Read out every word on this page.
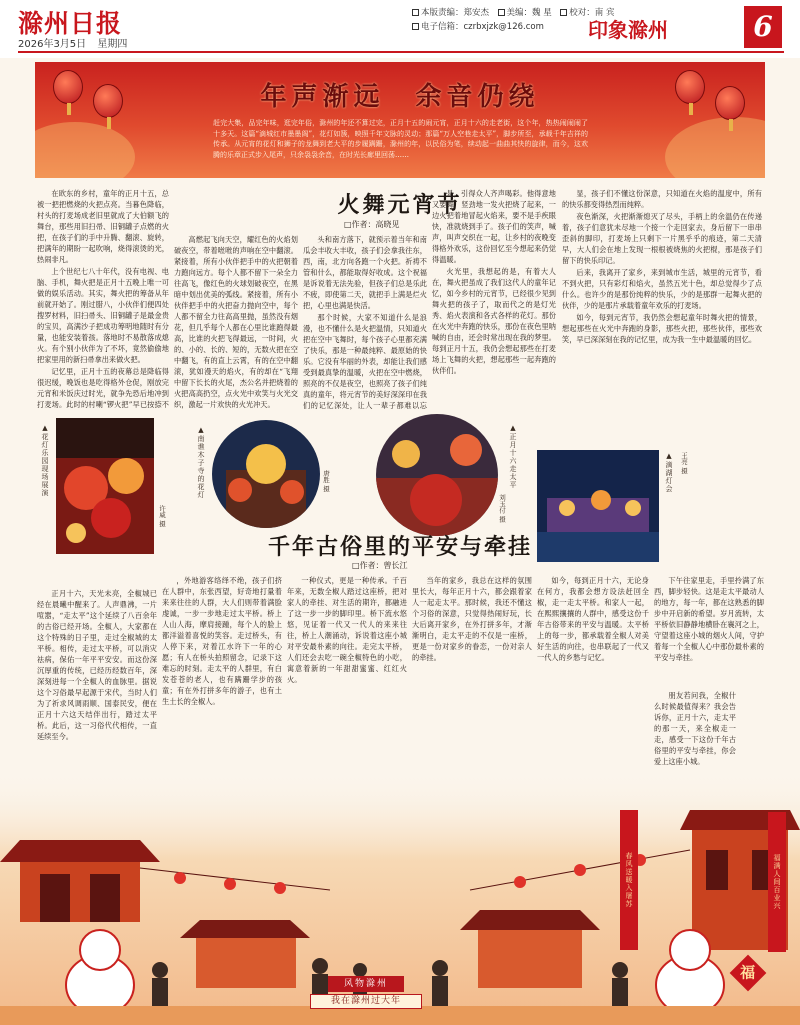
滁州日报
2026年3月5日 星期四
本版责编：郑安杰　 美编：魏 星　 校对：南 宾
电子信箱：czrbxjzk@126.com	印象滁州	6
年声渐远　余音仍绕
赶完大集，品完年味，逛完年俗，滁州的年还不算过完，正月十五的闹元宵，正月十六的走老街，这个年，热热闹闹闹了十多天。这篇“滴城红市墨墨阁”，花灯如簇，映照千年文脉的灵动；那篇“万人空巷走太平”，脚步所至，承载千年吉祥的传承。从元宵的花灯和狮子的龙舞到老大平的步履蹒跚，滁州的年，以民俗为笔，续动起一曲曲其快的旋律，而今，这欢腾的乐章正式步入尾声，只余袅袅余音，在时光长廊里回荡……
火舞元宵节
□作者：高晓见

在欧东的乡村，童年的正月十五，总被一把把燃烧的火把点亮。当暮色降临，村头的打麦场成老旧里就成了大伯额飞的舞台，那些用旧扫帚、旧铜罐子点燃的火把，在孩子们的手中升腾、翻滚、旋转，把满年的期盼一起吹响，烧得滚烫的光，热闹非凡。

上个世纪七八十年代，没有电视、电脑、手机，舞火把是正月十五晚上唯一可做的娱乐活动。其实，舞火把的筹备从年前就开始了。刚过腊八，小伙伴们便四处搜罗材料，旧扫帚头、旧铜罐子是最金贵的宝贝，高满沙子把成功筹明地随时有分量，也能安装着孩。落地时不易散落成熄火。有个别小伙伴为了不坏，竟然偷偷地把家里用的新扫帚拿出来做火把。

记忆里，正月十五的夜幕总是降临得很迟缓，晚饭也是吃得格外仓促，刚放完元宵和米饭庆过时光，就争先恐后地冲到打麦场。此时的村喇“锣火把”早已按捺不

高燃起飞向天空，耀红色的火焰划破夜空，带着咝咝的声响在空中翻滚。紧接着，所有小伙伴把手中的火把朝着力跑向远方。每个人都不留下一朵全力往高飞，像红色的火球划破夜空，在黑暗中划出优美的弧线。紧接着，所有小伙伴把手中的火把奋力抛向空中，每个人都不留全力往高高里抛，虽然没有烟花，但几乎每个人都在心里比谁跑得最高，比谁的火把飞得最远，一时间，火的、小的、长的、短的，无数火把在空中翻飞，有的直上云霄，有的在空中翻滚，犹如漫天的焰火，有的却在“飞翔中留下长长的火尾，杰公名并把烧着的火把高高扔空，点火光中欢笑与火光交织，激起一片欢快的火光冲天。

头和南方落下，就预示着当年和南瓜会丰收大丰收，孩子们会拿我往东，西，南，北方向各跑一个火把。祈祷不管和什么，都能取得好收成。这个祝福是诉说着无法先验，但孩子们总是乐此不疲，即使第二天，就把手上满是烂火把，心里也满是快活。

那个时候，大家不知道什么是浪漫，也不懂什么是火把温情，只知道火把在空中飞舞时，每个孩子心里都充满了快乐，那是一种最纯粹、最原始的快乐。它没有华丽的外表，却能让我们感受到最真挚的温暖，火把在空中燃烧，照亮的不仅是夜空，也照亮了孩子们纯真的童年，将元宵节的美好深深印在我们的记忆深处，让人一辈子都难以忘

是，引得众人齐声喝彩。他得意地又要舞，竖劲地一发火把烧了起来，一边火把着地冒起火焰来，要不是手疾眼快，准就烧到手了。孩子们的笑声，喊声，叫声交织在一起，让乡村的夜晚变得格外欢乐，这份回忆至今想起来仍觉得温暖。

火光里，我想起的是，有着大人在，舞火把虽成了我们这代人的童年记忆，如今乡村的元宵节，已经很少见到舞火把的孩子了，取而代之的是灯光秀、焰火表演和各式各样的花灯。那份在火光中奔跑的快乐，那份在夜色里呐喊的自由，还会时常出现在我的梦里。每到正月十五，我仍会想起那些在打麦场上飞舞的火把，想起那些一起奔跑的伙伴们。

显，孩子们不懂这份深意，只知道在火焰的温度中，所有的快乐都变得热烈而纯粹。

夜色渐深，火把渐渐熄灭了尽头，手柄上的余温仍在传递着，孩子们意犹未尽地一个接一个走回家去，身后留下一串串歪斜的脚印，打麦场上只剩下一片黑乎乎的痕迹，第二天清早，大人们会在地上发现一根根被烧焦的火把棍，那是孩子们留下的快乐印记。

后来，我离开了家乡，来到城市生活，城里的元宵节，看不到火把，只有彩灯和焰火，虽然五光十色，却总觉得少了点什么。也许少的是那份纯粹的快乐，少的是那群一起舞火把的伙伴，少的是那片承载着童年欢乐的打麦场。

如今，每到元宵节，我仍然会想起童年时舞火把的情景，想起那些在火光中奔跑的身影，那些火把，那些伙伴，那些欢笑，早已深深刻在我的记忆里，成为我一生中最温暖的回忆。

▲花灯乐园现场展演
许威 摄
▲南谯木子寺的花灯	唐胜 摄	▲正月十六走太平
刘玉付 摄
▲滴湖灯会 王亮 摄
千年古俗里的平安与牵挂
□作者：曾长江

正月十六，天光未亮，全椒城已经在晨曦中醒来了。人声鼎沸，一片喧嚣，“走太平”这个延续了八百余年的古俗已经开场。全椒人，大家都在这个特殊的日子里，走过全椒城的太平桥。相传，走过太平桥，可以消灾祛病，保佑一年平平安安。而这份深沉厚重的传统，已经历经数百年，深深刻进每一个全椒人的血脉里。据说这个习俗最早起源于宋代，当时人们为了祈求风调雨顺、国泰民安，便在正月十六这天结伴出行，踏过太平桥。此后，这一习俗代代相传，一直延续至今。

，外地游客络绎不绝，孩子们挤在人群中，东张西望，好奇地打量着来来往往的人群，大人们则带着满脸虔诚，一步一步地走过太平桥。桥上人山人海，摩肩接踵，每个人的脸上都洋溢着喜悦的笑容。走过桥头，有人停下来，对着江水许下一年的心愿；有人在桥头拍照留念，记录下这难忘的时刻。走太平的人群里，有白发苍苍的老人，也有蹒跚学步的孩童；有在外打拼多年的游子，也有土生土长的全椒人。

一种仪式，更是一种传承。千百年来，无数全椒人踏过这座桥，把对家人的牵挂、对生活的期许，都融进了这一步一步的脚印里。桥下流水悠悠，见证着一代又一代人的来来往往，桥上人潮涌动，诉说着这座小城对平安最朴素的向往。走完太平桥，人们还会去吃一碗全椒特色的小吃，寓意着新的一年甜甜蜜蜜、红红火火。

当年的家乡，我总在这样的氛围里长大，每年正月十六，都会跟着家人一起走太平。那时候，我还不懂这个习俗的深意，只觉得热闹好玩，长大后离开家乡，在外打拼多年，才渐渐明白，走太平走的不仅是一座桥，更是一份对家乡的眷恋，一份对亲人的牵挂。

如今，每到正月十六，无论身在何方，我都会想方设法赶回全椒，走一走太平桥。和家人一起，在熙熙攘攘的人群中，感受这份千年古俗带来的平安与温暖。太平桥上的每一步，都承载着全椒人对美好生活的向往，也串联起了一代又一代人的乡愁与记忆。

下午往家里走，手里拎满了东西，脚步轻快。这是走太平最动人的地方，每一年，都在这熟悉的脚步中开启新的希望。岁月流转，太平桥依旧静静地横卧在襄河之上，守望着这座小城的烟火人间，守护着每一个全椒人心中那份最朴素的平安与牵挂。

朋友若问我，全椒什么时候最值得来？我会告诉你，正月十六，走太平的那一天，来全椒走一走，感受一下这份千年古俗里的平安与牵挂，你会爱上这座小城。

春风送暖入屠苏	福满人间百业兴
福
风物滁州
我在滁州过大年
